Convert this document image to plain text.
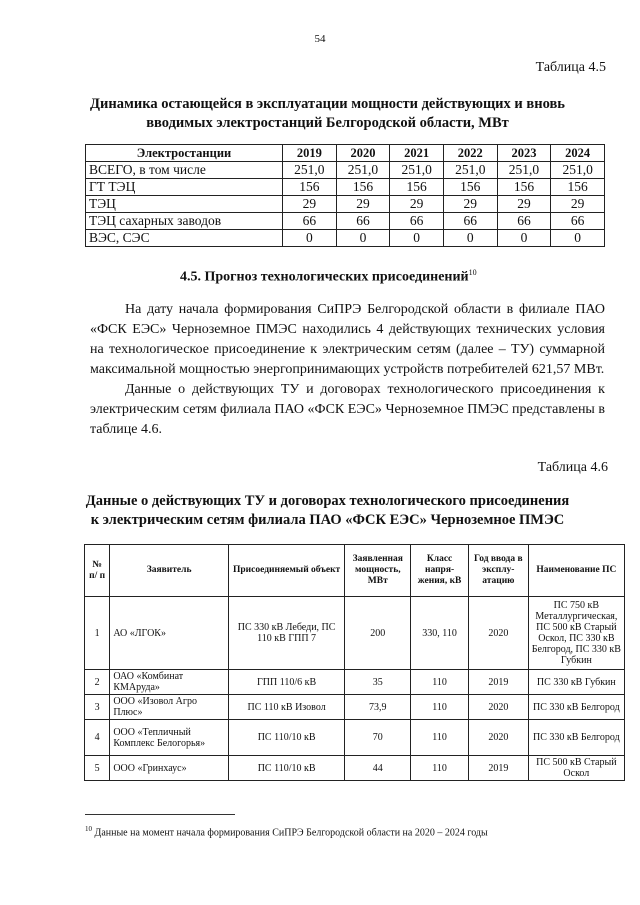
54
Таблица 4.5
Динамика остающейся в эксплуатации мощности действующих и вновь
вводимых электростанций Белгородской области, МВт
Электростанции	2019	2020	2021	2022	2023	2024
ВСЕГО, в том числе	251,0	251,0	251,0	251,0	251,0	251,0
ГТ ТЭЦ	156	156	156	156	156	156
ТЭЦ	29	29	29	29	29	29
ТЭЦ сахарных заводов	66	66	66	66	66	66
ВЭС, СЭС	0	0	0	0	0	0
4.5. Прогноз технологических присоединений$^{10}$

На дату начала формирования СиПРЭ Белгородской области в филиале ПАО «ФСК ЕЭС» Черноземное ПМЭС находились 4 действующих технических условия на технологическое присоединение к электрическим сетям (далее – ТУ) суммарной максимальной мощностью энергопринимающих устройств потребителей 621,57 МВт.

Данные о действующих ТУ и договорах технологического присоединения к электрическим сетям филиала ПАО «ФСК ЕЭС» Черноземное ПМЭС представлены в таблице 4.6.

Таблица 4.6
Данные о действующих ТУ и договорах технологического присоединения
к электрическим сетям филиала ПАО «ФСК ЕЭС» Черноземное ПМЭС
№ п/ п	Заявитель	Присоединяемый объект	Заявленная мощность, МВт	Класс напря-жения, кВ	Год ввода в эксплу-атацию	Наименование ПС
1	АО «ЛГОК»	ПС 330 кВ Лебеди, ПС 110 кВ ГПП 7	200	330, 110	2020	ПС 750 кВ Металлургическая, ПС 500 кВ Старый Оскол, ПС 330 кВ Белгород, ПС 330 кВ Губкин
2	ОАО «Комбинат КМАруда»	ГПП 110/6 кВ	35	110	2019	ПС 330 кВ Губкин
3	ООО «Изовол Агро Плюс»	ПС 110 кВ Изовол	73,9	110	2020	ПС 330 кВ Белгород
4	ООО «Тепличный Комплекс Белогорья»	ПС 110/10 кВ	70	110	2020	ПС 330 кВ Белгород
5	ООО «Гринхаус»	ПС 110/10 кВ	44	110	2019	ПС 500 кВ Старый Оскол
$^{10}$ Данные на момент начала формирования СиПРЭ Белгородской области на 2020 – 2024 годы
